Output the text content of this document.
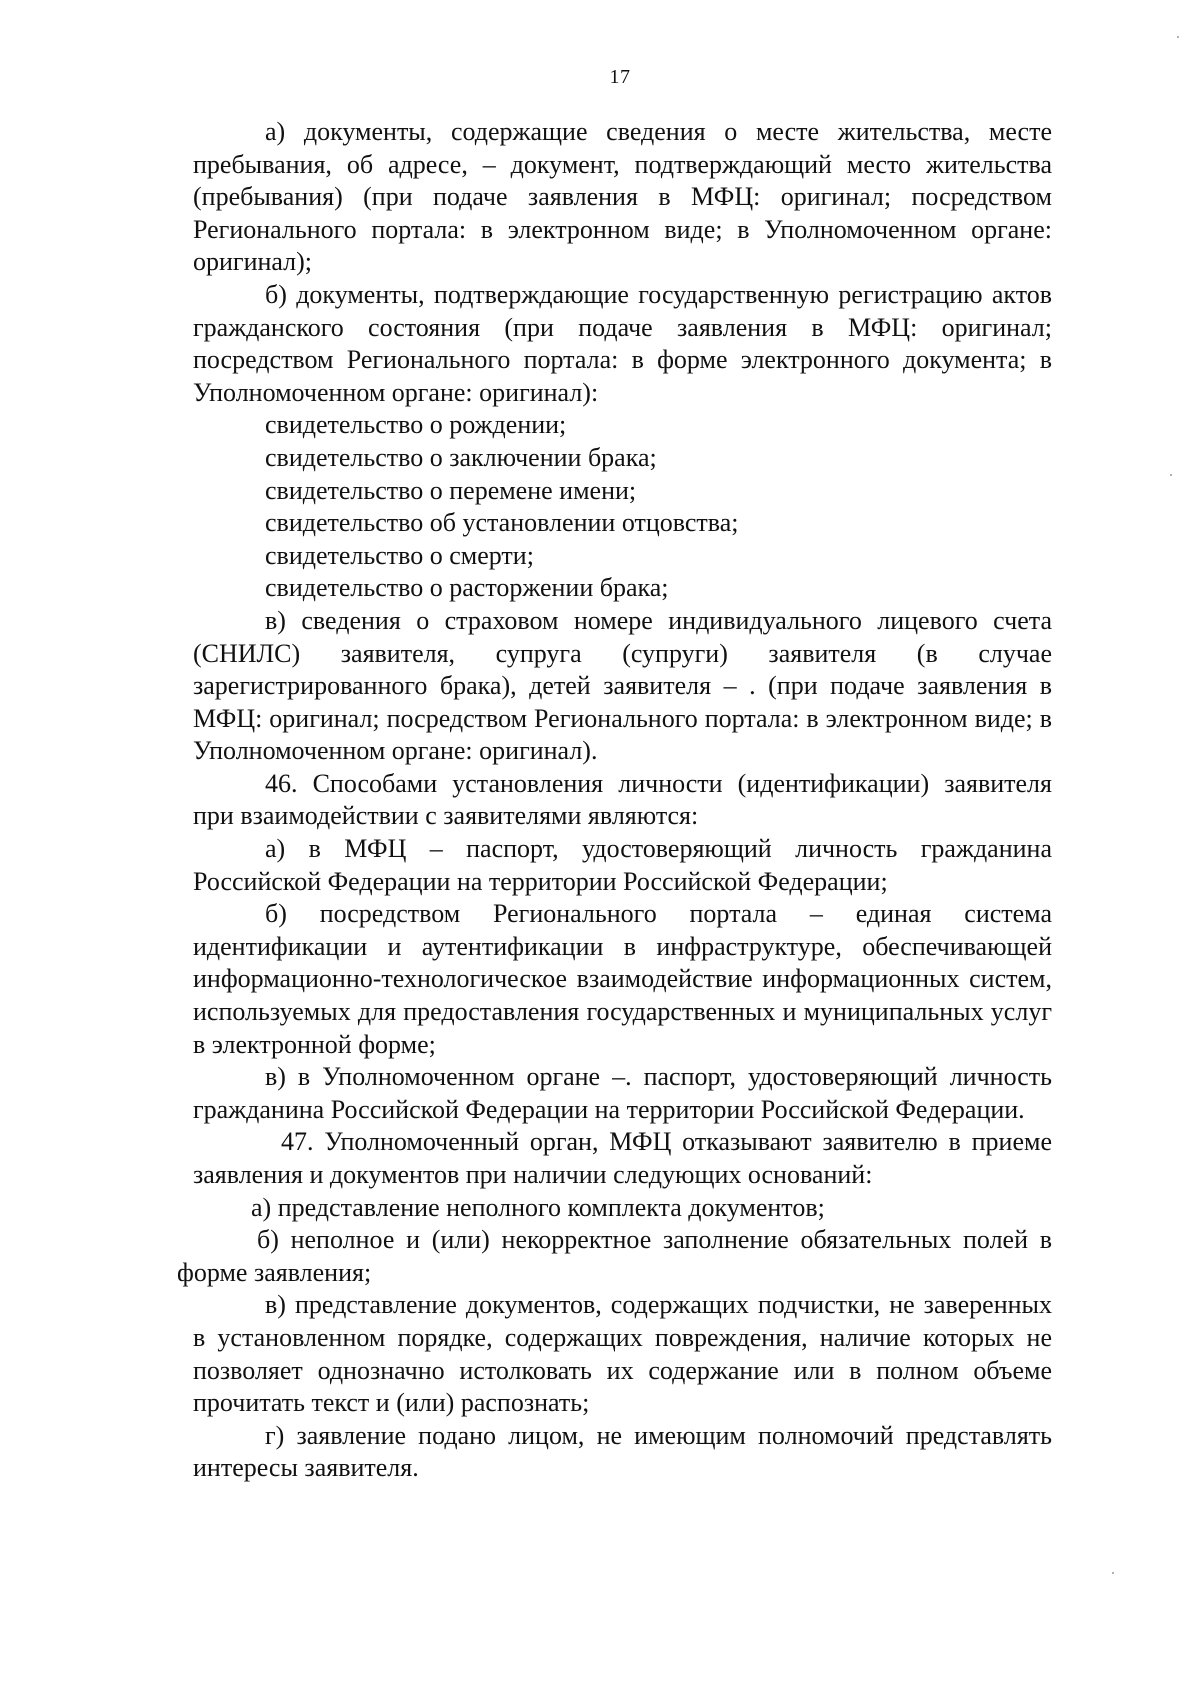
17

а) документы, содержащие сведения о месте жительства, месте пребывания, об адресе, – документ, подтверждающий место жительства (пребывания) (при подаче заявления в МФЦ: оригинал; посредством Регионального портала: в электронном виде; в Уполномоченном органе: оригинал);

б) документы, подтверждающие государственную регистрацию актов гражданского состояния (при подаче заявления в МФЦ: оригинал; посредством Регионального портала: в форме электронного документа; в Уполномоченном органе: оригинал):

свидетельство о рождении;

свидетельство о заключении брака;

свидетельство о перемене имени;

свидетельство об установлении отцовства;

свидетельство о смерти;

свидетельство о расторжении брака;

в) сведения о страховом номере индивидуального лицевого счета (СНИЛС) заявителя, супруга (супруги) заявителя (в случае зарегистрированного брака), детей заявителя – . (при подаче заявления в МФЦ: оригинал; посредством Регионального портала: в электронном виде; в Уполномоченном органе: оригинал).

46. Способами установления личности (идентификации) заявителя при взаимодействии с заявителями являются:

а) в МФЦ – паспорт, удостоверяющий личность гражданина Российской Федерации на территории Российской Федерации;

б) посредством Регионального портала – единая система идентификации и аутентификации в инфраструктуре, обеспечивающей информационно-технологическое взаимодействие информационных систем, используемых для предоставления государственных и муниципальных услуг в электронной форме;

в) в Уполномоченном органе –. паспорт, удостоверяющий личность гражданина Российской Федерации на территории Российской Федерации.

47. Уполномоченный орган, МФЦ отказывают заявителю в приеме заявления и документов при наличии следующих оснований:

а) представление неполного комплекта документов;

б) неполное и (или) некорректное заполнение обязательных полей в форме заявления;

в) представление документов, содержащих подчистки, не заверенных в установленном порядке, содержащих повреждения, наличие которых не позволяет однозначно истолковать их содержание или в полном объеме прочитать текст и (или) распознать;

г) заявление подано лицом, не имеющим полномочий представлять интересы заявителя.
